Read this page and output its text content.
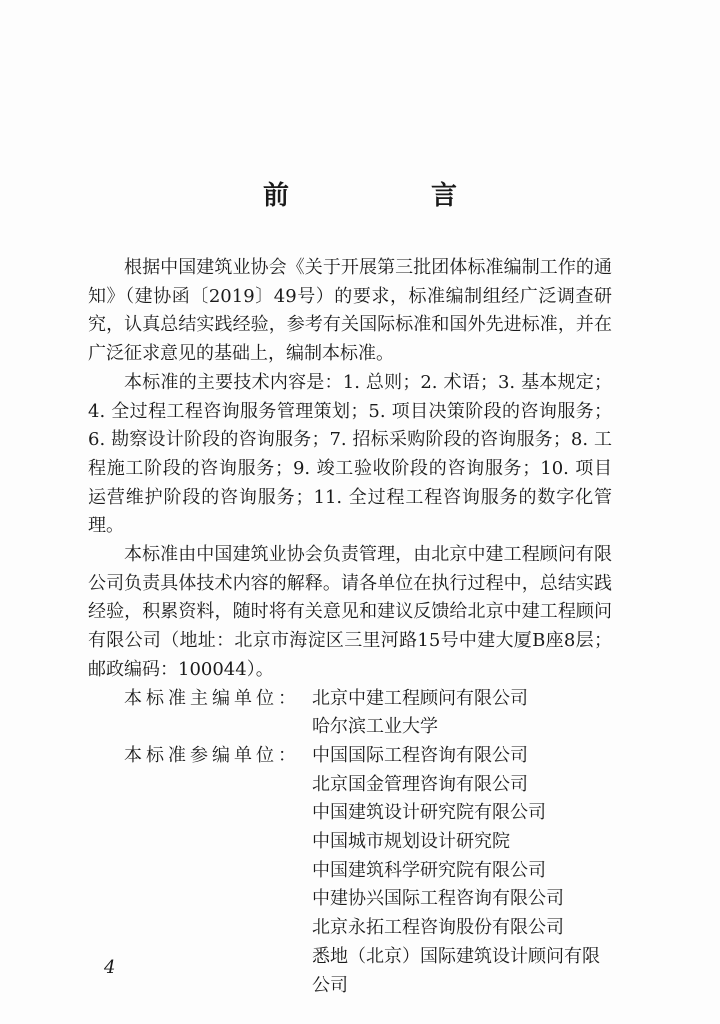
前　言

根据中国建筑业协会《关于开展第三批团体标准编制工作的通知》（建协函〔2019〕49号）的要求，标准编制组经广泛调查研究，认真总结实践经验，参考有关国际标准和国外先进标准，并在广泛征求意见的基础上，编制本标准。

本标准的主要技术内容是：1. 总则；2. 术语；3. 基本规定；4. 全过程工程咨询服务管理策划；5. 项目决策阶段的咨询服务；6. 勘察设计阶段的咨询服务；7. 招标采购阶段的咨询服务；8. 工程施工阶段的咨询服务；9. 竣工验收阶段的咨询服务；10. 项目运营维护阶段的咨询服务；11. 全过程工程咨询服务的数字化管理。

本标准由中国建筑业协会负责管理，由北京中建工程顾问有限公司负责具体技术内容的解释。请各单位在执行过程中，总结实践经验，积累资料，随时将有关意见和建议反馈给北京中建工程顾问有限公司（地址：北京市海淀区三里河路15号中建大厦B座8层；邮政编码：100044）。

本标准主编单位： 北京中建工程顾问有限公司
哈尔滨工业大学
本标准参编单位： 中国国际工程咨询有限公司
北京国金管理咨询有限公司
中国建筑设计研究院有限公司
中国城市规划设计研究院
中国建筑科学研究院有限公司
中建协兴国际工程咨询有限公司
北京永拓工程咨询股份有限公司
悉地（北京）国际建筑设计顾问有限公司
4
